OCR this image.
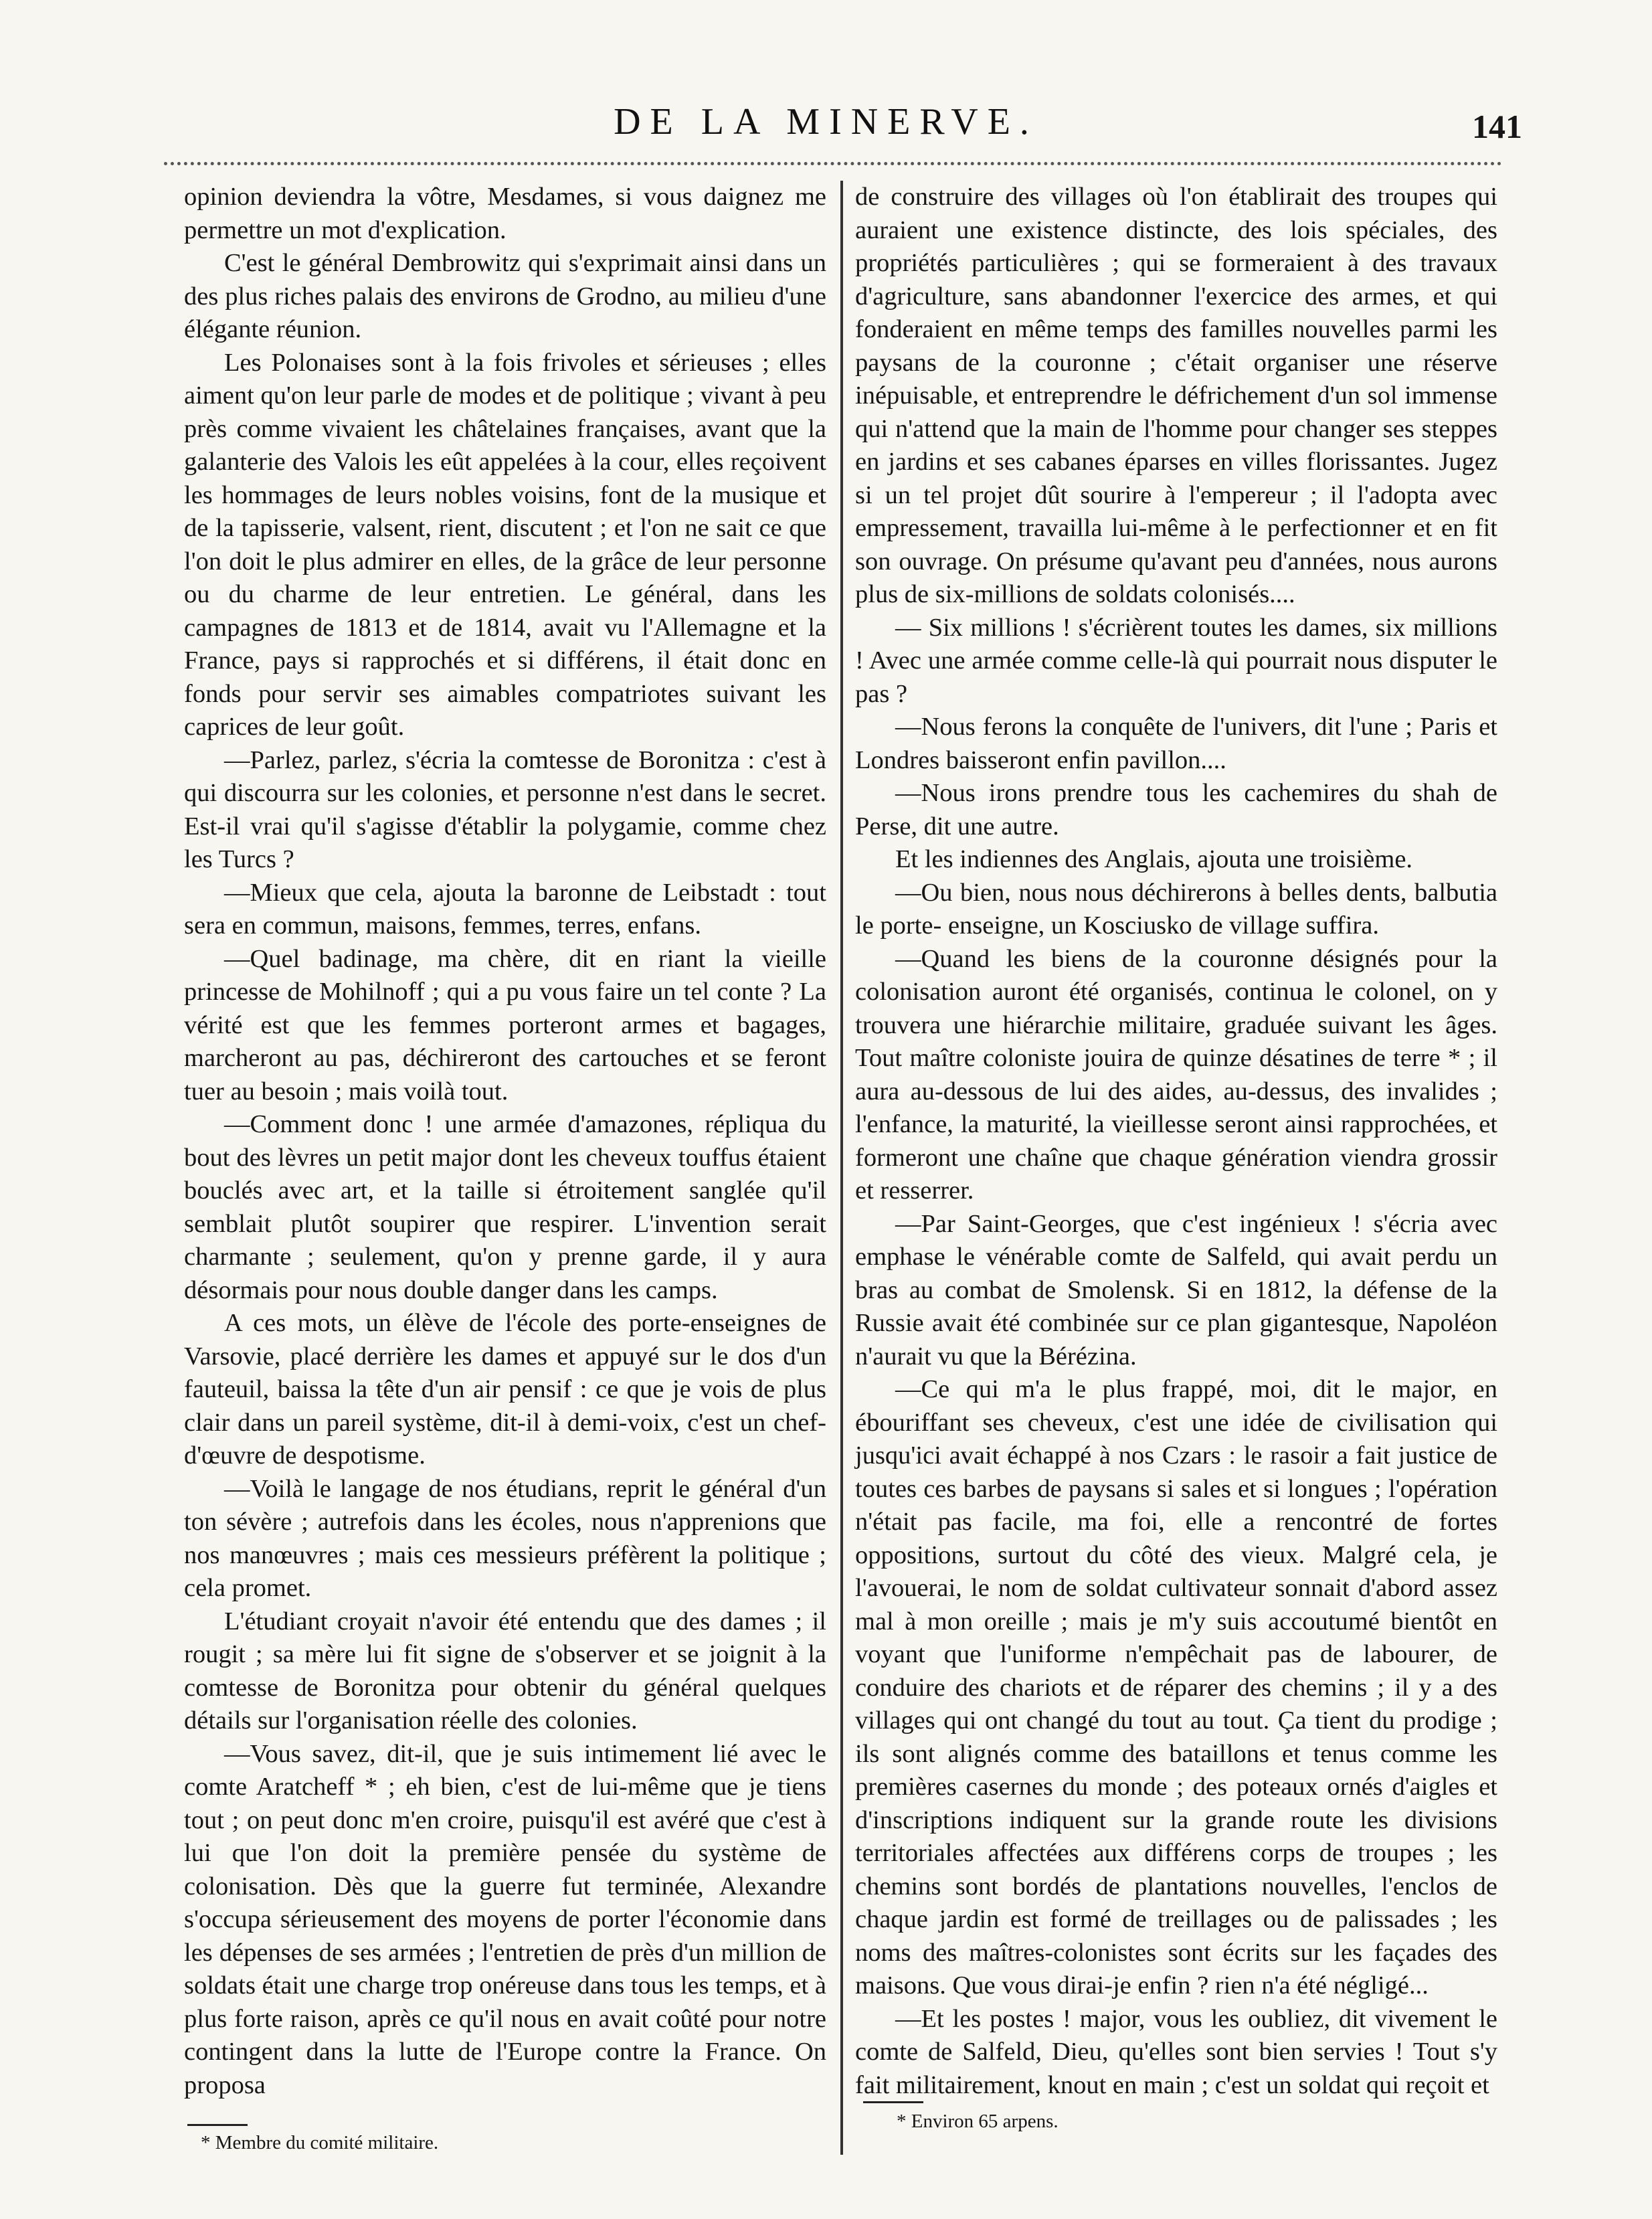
DE LA MINERVE.	141

opinion deviendra la vôtre, Mesdames, si vous daignez me permettre un mot d'explication.

C'est le général Dembrowitz qui s'exprimait ainsi dans un des plus riches palais des environs de Grodno, au milieu d'une élégante réunion.

Les Polonaises sont à la fois frivoles et sérieuses ; elles aiment qu'on leur parle de modes et de politique ; vivant à peu près comme vivaient les châtelaines françaises, avant que la galanterie des Valois les eût appelées à la cour, elles reçoivent les hommages de leurs nobles voisins, font de la musique et de la tapisserie, valsent, rient, discutent ; et l'on ne sait ce que l'on doit le plus admirer en elles, de la grâce de leur personne ou du charme de leur entretien. Le général, dans les campagnes de 1813 et de 1814, avait vu l'Allemagne et la France, pays si rapprochés et si différens, il était donc en fonds pour servir ses aimables compatriotes suivant les caprices de leur goût.

—Parlez, parlez, s'écria la comtesse de Boronitza : c'est à qui discourra sur les colonies, et personne n'est dans le secret. Est-il vrai qu'il s'agisse d'établir la polygamie, comme chez les Turcs ?

—Mieux que cela, ajouta la baronne de Leibstadt : tout sera en commun, maisons, femmes, terres, enfans.

—Quel badinage, ma chère, dit en riant la vieille princesse de Mohilnoff ; qui a pu vous faire un tel conte ? La vérité est que les femmes porteront armes et bagages, marcheront au pas, déchireront des cartouches et se feront tuer au besoin ; mais voilà tout.

—Comment donc ! une armée d'amazones, répliqua du bout des lèvres un petit major dont les cheveux touffus étaient bouclés avec art, et la taille si étroitement sanglée qu'il semblait plutôt soupirer que respirer. L'invention serait charmante ; seulement, qu'on y prenne garde, il y aura désormais pour nous double danger dans les camps.

A ces mots, un élève de l'école des porte-enseignes de Varsovie, placé derrière les dames et appuyé sur le dos d'un fauteuil, baissa la tête d'un air pensif : ce que je vois de plus clair dans un pareil système, dit-il à demi-voix, c'est un chef-d'œuvre de despotisme.

—Voilà le langage de nos étudians, reprit le général d'un ton sévère ; autrefois dans les écoles, nous n'apprenions que nos manœuvres ; mais ces messieurs préfèrent la politique ; cela promet.

L'étudiant croyait n'avoir été entendu que des dames ; il rougit ; sa mère lui fit signe de s'observer et se joignit à la comtesse de Boronitza pour obtenir du général quelques détails sur l'organisation réelle des colonies.

—Vous savez, dit-il, que je suis intimement lié avec le comte Aratcheff * ; eh bien, c'est de lui-même que je tiens tout ; on peut donc m'en croire, puisqu'il est avéré que c'est à lui que l'on doit la première pensée du système de colonisation. Dès que la guerre fut terminée, Alexandre s'occupa sérieusement des moyens de porter l'économie dans les dépenses de ses armées ; l'entretien de près d'un million de soldats était une charge trop onéreuse dans tous les temps, et à plus forte raison, après ce qu'il nous en avait coûté pour notre contingent dans la lutte de l'Europe contre la France. On proposa

de construire des villages où l'on établirait des troupes qui auraient une existence distincte, des lois spéciales, des propriétés particulières ; qui se formeraient à des travaux d'agriculture, sans abandonner l'exercice des armes, et qui fonderaient en même temps des familles nouvelles parmi les paysans de la couronne ; c'était organiser une réserve inépuisable, et entreprendre le défrichement d'un sol immense qui n'attend que la main de l'homme pour changer ses steppes en jardins et ses cabanes éparses en villes florissantes. Jugez si un tel projet dût sourire à l'empereur ; il l'adopta avec empressement, travailla lui-même à le perfectionner et en fit son ouvrage. On présume qu'avant peu d'années, nous aurons plus de six-millions de soldats colonisés....

— Six millions ! s'écrièrent toutes les dames, six millions ! Avec une armée comme celle-là qui pourrait nous disputer le pas ?

—Nous ferons la conquête de l'univers, dit l'une ; Paris et Londres baisseront enfin pavillon....

—Nous irons prendre tous les cachemires du shah de Perse, dit une autre.

Et les indiennes des Anglais, ajouta une troisième.

—Ou bien, nous nous déchirerons à belles dents, balbutia le porte- enseigne, un Kosciusko de village suffira.

—Quand les biens de la couronne désignés pour la colonisation auront été organisés, continua le colonel, on y trouvera une hiérarchie militaire, graduée suivant les âges. Tout maître coloniste jouira de quinze désatines de terre * ; il aura au-dessous de lui des aides, au-dessus, des invalides ; l'enfance, la maturité, la vieillesse seront ainsi rapprochées, et formeront une chaîne que chaque génération viendra grossir et resserrer.

—Par Saint-Georges, que c'est ingénieux ! s'écria avec emphase le vénérable comte de Salfeld, qui avait perdu un bras au combat de Smolensk. Si en 1812, la défense de la Russie avait été combinée sur ce plan gigantesque, Napoléon n'aurait vu que la Bérézina.

—Ce qui m'a le plus frappé, moi, dit le major, en ébouriffant ses cheveux, c'est une idée de civilisation qui jusqu'ici avait échappé à nos Czars : le rasoir a fait justice de toutes ces barbes de paysans si sales et si longues ; l'opération n'était pas facile, ma foi, elle a rencontré de fortes oppositions, surtout du côté des vieux. Malgré cela, je l'avouerai, le nom de soldat cultivateur sonnait d'abord assez mal à mon oreille ; mais je m'y suis accoutumé bientôt en voyant que l'uniforme n'empêchait pas de labourer, de conduire des chariots et de réparer des chemins ; il y a des villages qui ont changé du tout au tout. Ça tient du prodige ; ils sont alignés comme des bataillons et tenus comme les premières casernes du monde ; des poteaux ornés d'aigles et d'inscriptions indiquent sur la grande route les divisions territoriales affectées aux différens corps de troupes ; les chemins sont bordés de plantations nouvelles, l'enclos de chaque jardin est formé de treillages ou de palissades ; les noms des maîtres-colonistes sont écrits sur les façades des maisons. Que vous dirai-je enfin ? rien n'a été négligé...

—Et les postes ! major, vous les oubliez, dit vivement le comte de Salfeld, Dieu, qu'elles sont bien servies ! Tout s'y fait militairement, knout en main ; c'est un soldat qui reçoit et

* Membre du comité militaire.
* Environ 65 arpens.
